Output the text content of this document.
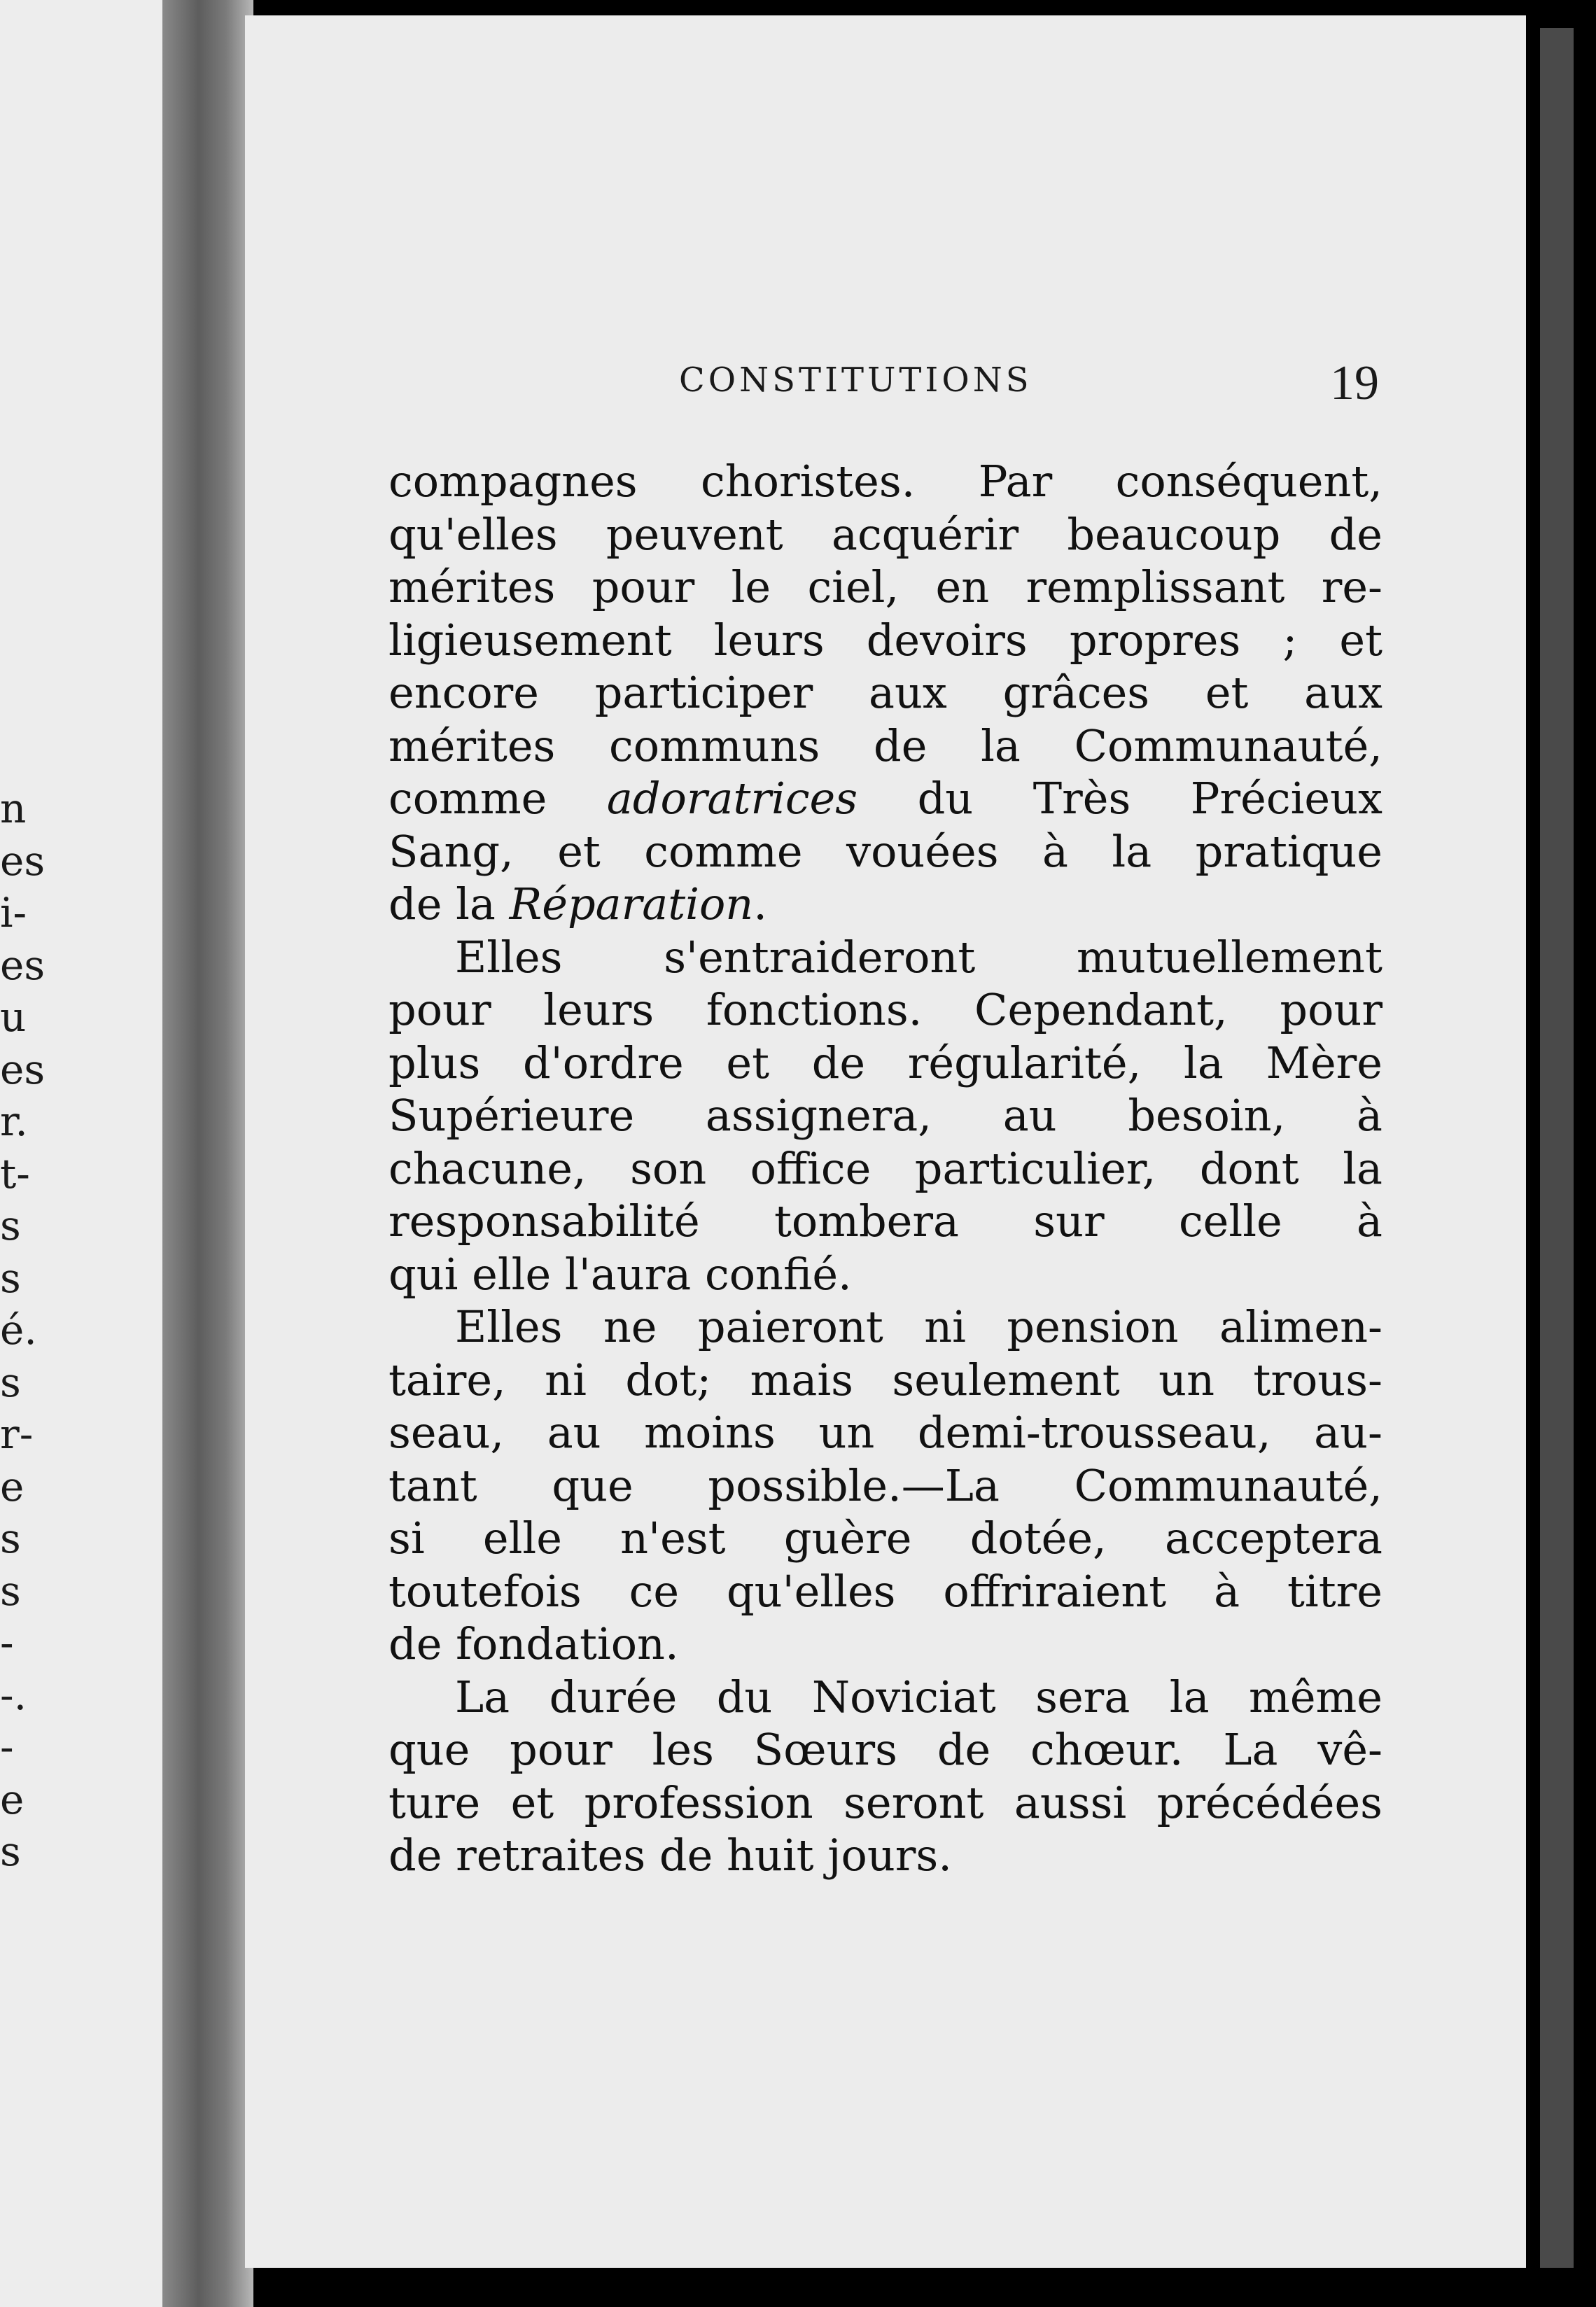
n
es
i-
es
u
es
r.
t-
s
s
é.
s
r-
e
s
s
-
-.
-
e
s
CONSTITUTIONS	19
compagnes choristes. Par conséquent,
qu'elles peuvent acquérir beaucoup de
mérites pour le ciel, en remplissant re-
ligieusement leurs devoirs propres ; et
encore participer aux grâces et aux
mérites communs de la Communauté,
comme adoratrices du Très Précieux
Sang, et comme vouées à la pratique
de la Réparation.
Elles s'entraideront mutuellement
pour leurs fonctions. Cependant, pour
plus d'ordre et de régularité, la Mère
Supérieure assignera, au besoin, à
chacune, son office particulier, dont la
responsabilité tombera sur celle à
qui elle l'aura confié.
Elles ne paieront ni pension alimen-
taire, ni dot; mais seulement un trous-
seau, au moins un demi-trousseau, au-
tant que possible.—La Communauté,
si elle n'est guère dotée, acceptera
toutefois ce qu'elles offriraient à titre
de fondation.
La durée du Noviciat sera la même
que pour les Sœurs de chœur. La vê-
ture et profession seront aussi précédées
de retraites de huit jours.
